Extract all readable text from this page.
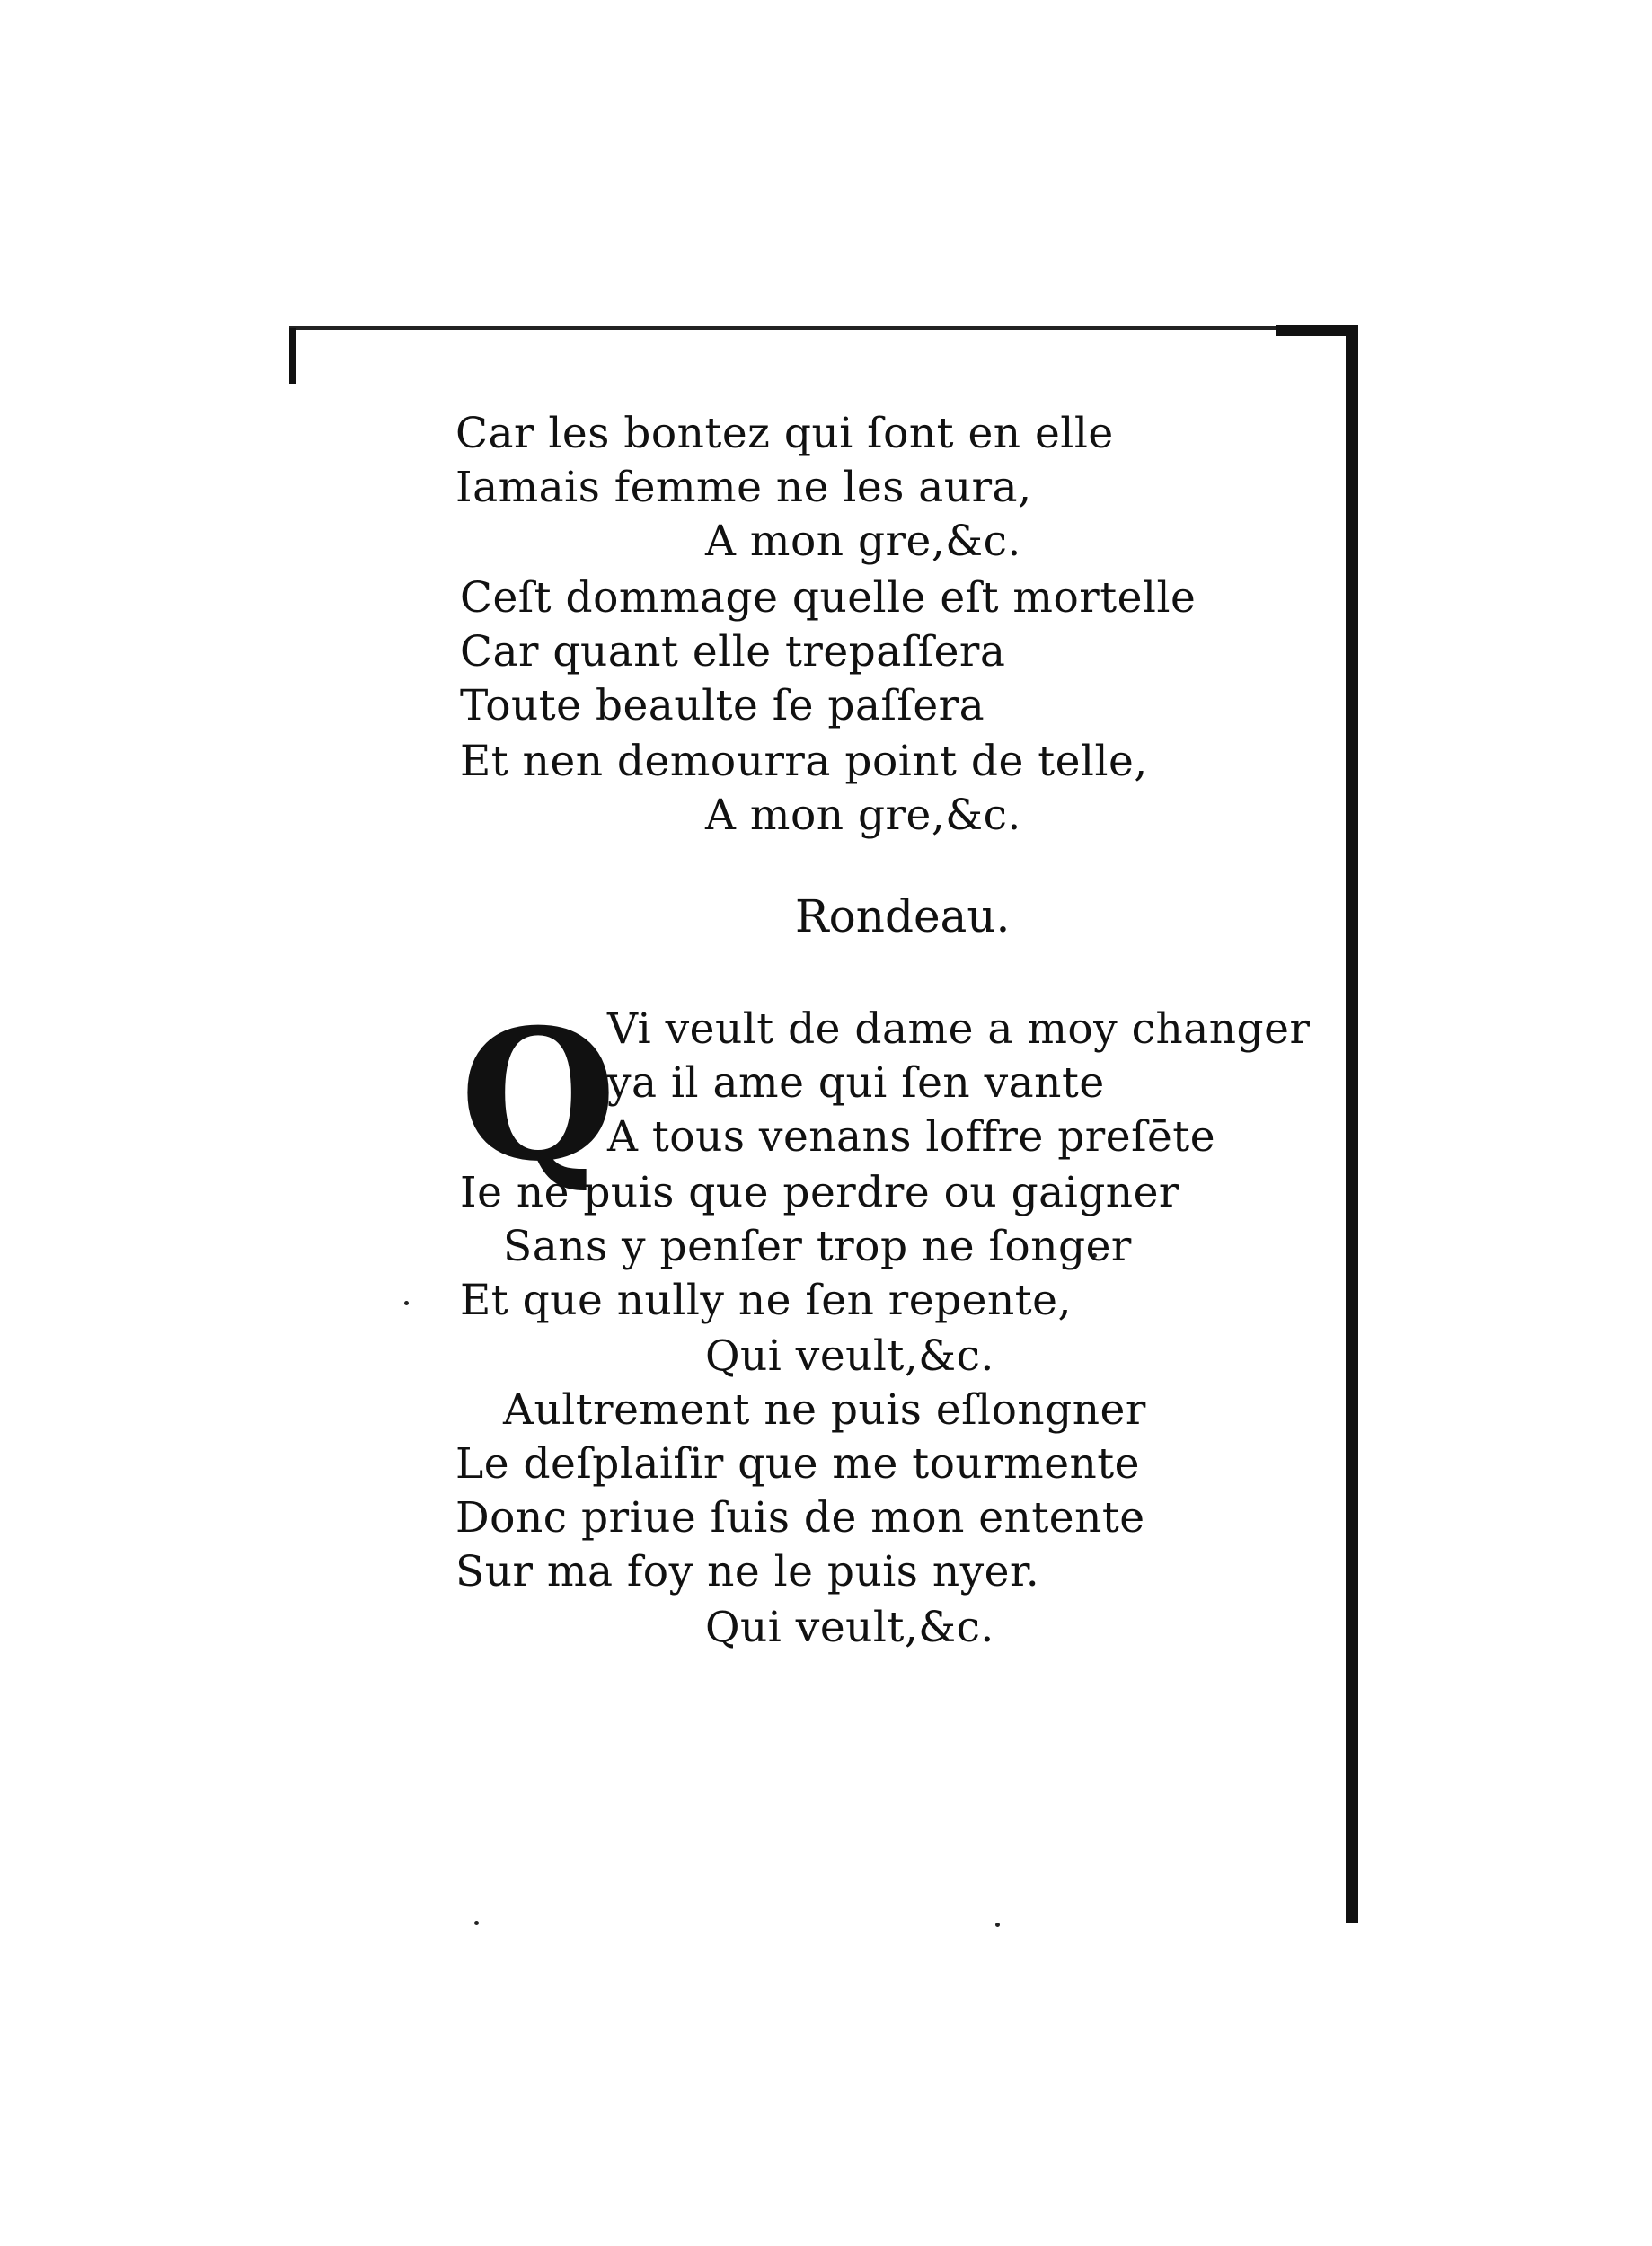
Car les bontez qui ſont en elle
Iamais femme ne les aura,
A mon gre,&c.
Ceſt dommage quelle eſt mortelle
Car quant elle trepaſſera
Toute beaulte ſe paſſera
Et nen demourra point de telle,
A mon gre,&c.
Rondeau.
Q
Vi veult de dame a moy changer
ya il ame qui ſen vante
A tous venans loffre preſēte
Ie ne puis que perdre ou gaigner
Sans y penſer trop ne ſonger
Et que nully ne ſen repente,
Qui veult,&c.
Aultrement ne puis eſlongner
Le deſplaiſir que me tourmente
Donc priue ſuis de mon entente
Sur ma foy ne le puis nyer.
Qui veult,&c.
